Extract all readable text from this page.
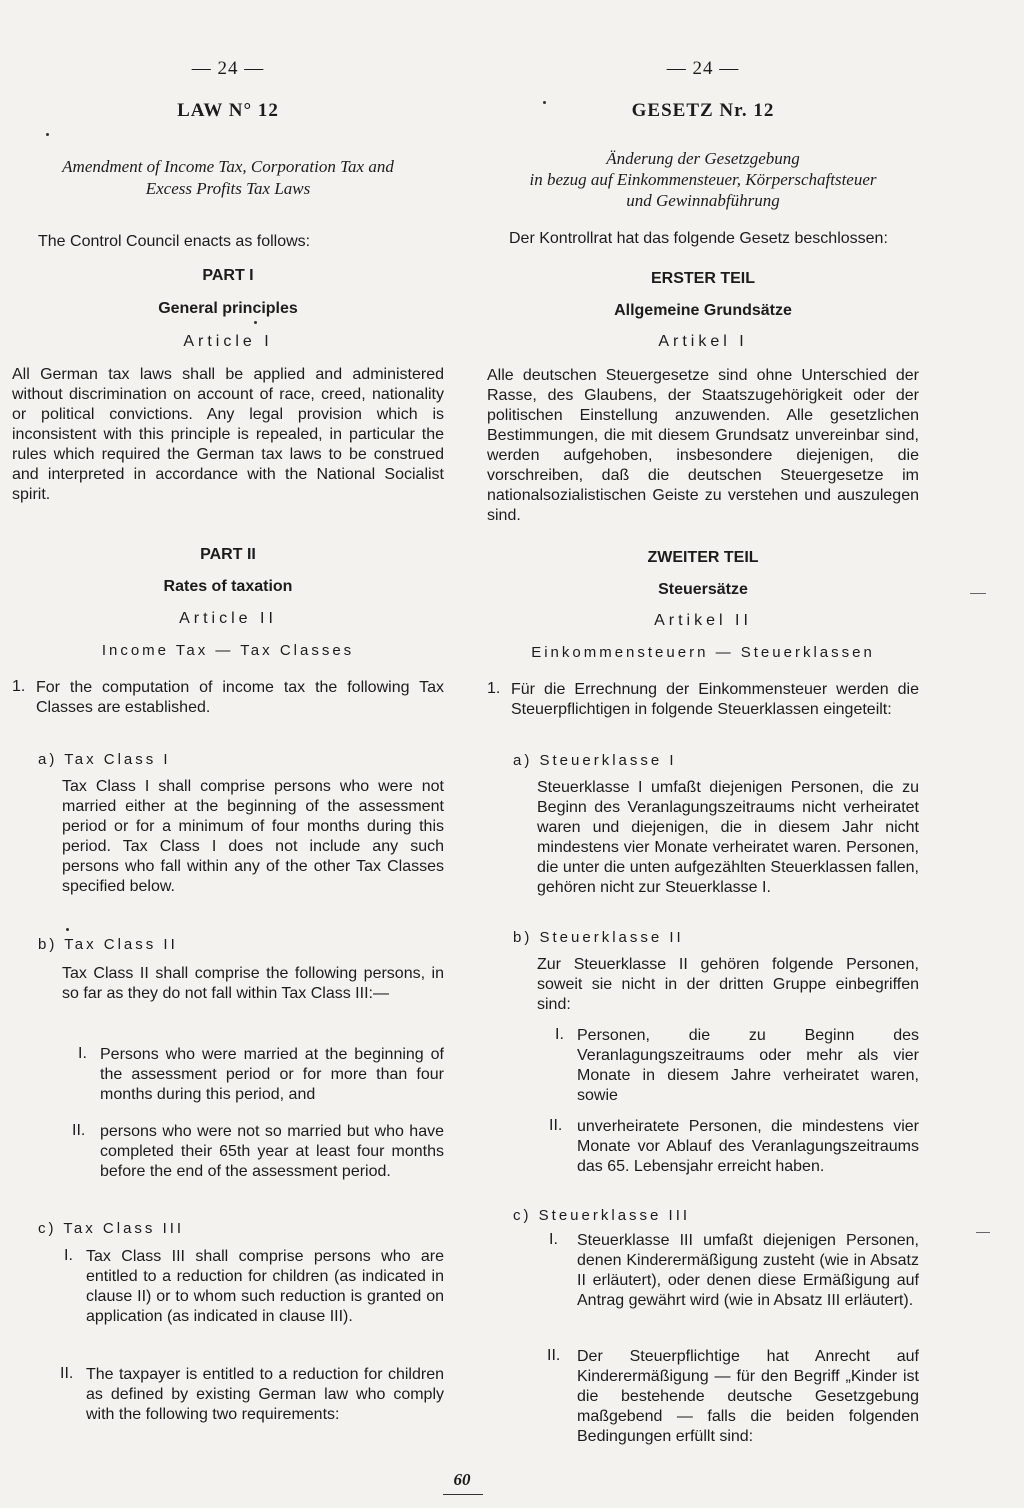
— 24 —
LAW N° 12
Amendment of Income Tax, Corporation Tax and
Excess Profits Tax Laws
The Control Council enacts as follows:
PART I
General principles
Article I
All German tax laws shall be applied and administered without discrimination on account of race, creed, nationality or political convictions. Any legal provision which is inconsistent with this principle is repealed, in particular the rules which required the German tax laws to be construed and interpreted in accordance with the National Socialist spirit.
PART II
Rates of taxation
Article II
Income Tax — Tax Classes
1. For the computation of income tax the following Tax Classes are established.
a) Tax Class I
Tax Class I shall comprise persons who were not married either at the beginning of the assessment period or for a minimum of four months during this period. Tax Class I does not include any such persons who fall within any of the other Tax Classes specified below.
b) Tax Class II
Tax Class II shall comprise the following persons, in so far as they do not fall within Tax Class III:—
I. Persons who were married at the beginning of the assessment period or for more than four months during this period, and
II. persons who were not so married but who have completed their 65th year at least four months before the end of the assessment period.
c) Tax Class III
I. Tax Class III shall comprise persons who are entitled to a reduction for children (as indicated in clause II) or to whom such reduction is granted on application (as indicated in clause III).
II. The taxpayer is entitled to a reduction for children as defined by existing German law who comply with the following two requirements:
— 24 —
GESETZ Nr. 12
Änderung der Gesetzgebung
in bezug auf Einkommensteuer, Körperschaftsteuer
und Gewinnabführung
Der Kontrollrat hat das folgende Gesetz beschlossen:
ERSTER TEIL
Allgemeine Grundsätze
Artikel I
Alle deutschen Steuergesetze sind ohne Unterschied der Rasse, des Glaubens, der Staatszugehörigkeit oder der politischen Einstellung anzuwenden. Alle gesetzlichen Bestimmungen, die mit diesem Grundsatz unvereinbar sind, werden aufgehoben, insbesondere diejenigen, die vorschreiben, daß die deutschen Steuergesetze im nationalsozialistischen Geiste zu verstehen und auszulegen sind.
ZWEITER TEIL
Steuersätze
Artikel II
Einkommensteuern — Steuerklassen
1. Für die Errechnung der Einkommensteuer werden die Steuerpflichtigen in folgende Steuerklassen eingeteilt:
a) Steuerklasse I
Steuerklasse I umfaßt diejenigen Personen, die zu Beginn des Veranlagungszeitraums nicht verheiratet waren und diejenigen, die in diesem Jahr nicht mindestens vier Monate verheiratet waren. Personen, die unter die unten aufgezählten Steuerklassen fallen, gehören nicht zur Steuerklasse I.
b) Steuerklasse II
Zur Steuerklasse II gehören folgende Personen, soweit sie nicht in der dritten Gruppe einbegriffen sind:
I. Personen, die zu Beginn des Veranlagungszeitraums oder mehr als vier Monate in diesem Jahre verheiratet waren, sowie
II. unverheiratete Personen, die mindestens vier Monate vor Ablauf des Veranlagungszeitraums das 65. Lebensjahr erreicht haben.
c) Steuerklasse III
I. Steuerklasse III umfaßt diejenigen Personen, denen Kinderermäßigung zusteht (wie in Absatz II erläutert), oder denen diese Ermäßigung auf Antrag gewährt wird (wie in Absatz III erläutert).
II. Der Steuerpflichtige hat Anrecht auf Kinderermäßigung — für den Begriff „Kinder ist die bestehende deutsche Gesetzgebung maßgebend — falls die beiden folgenden Bedingungen erfüllt sind:
60
